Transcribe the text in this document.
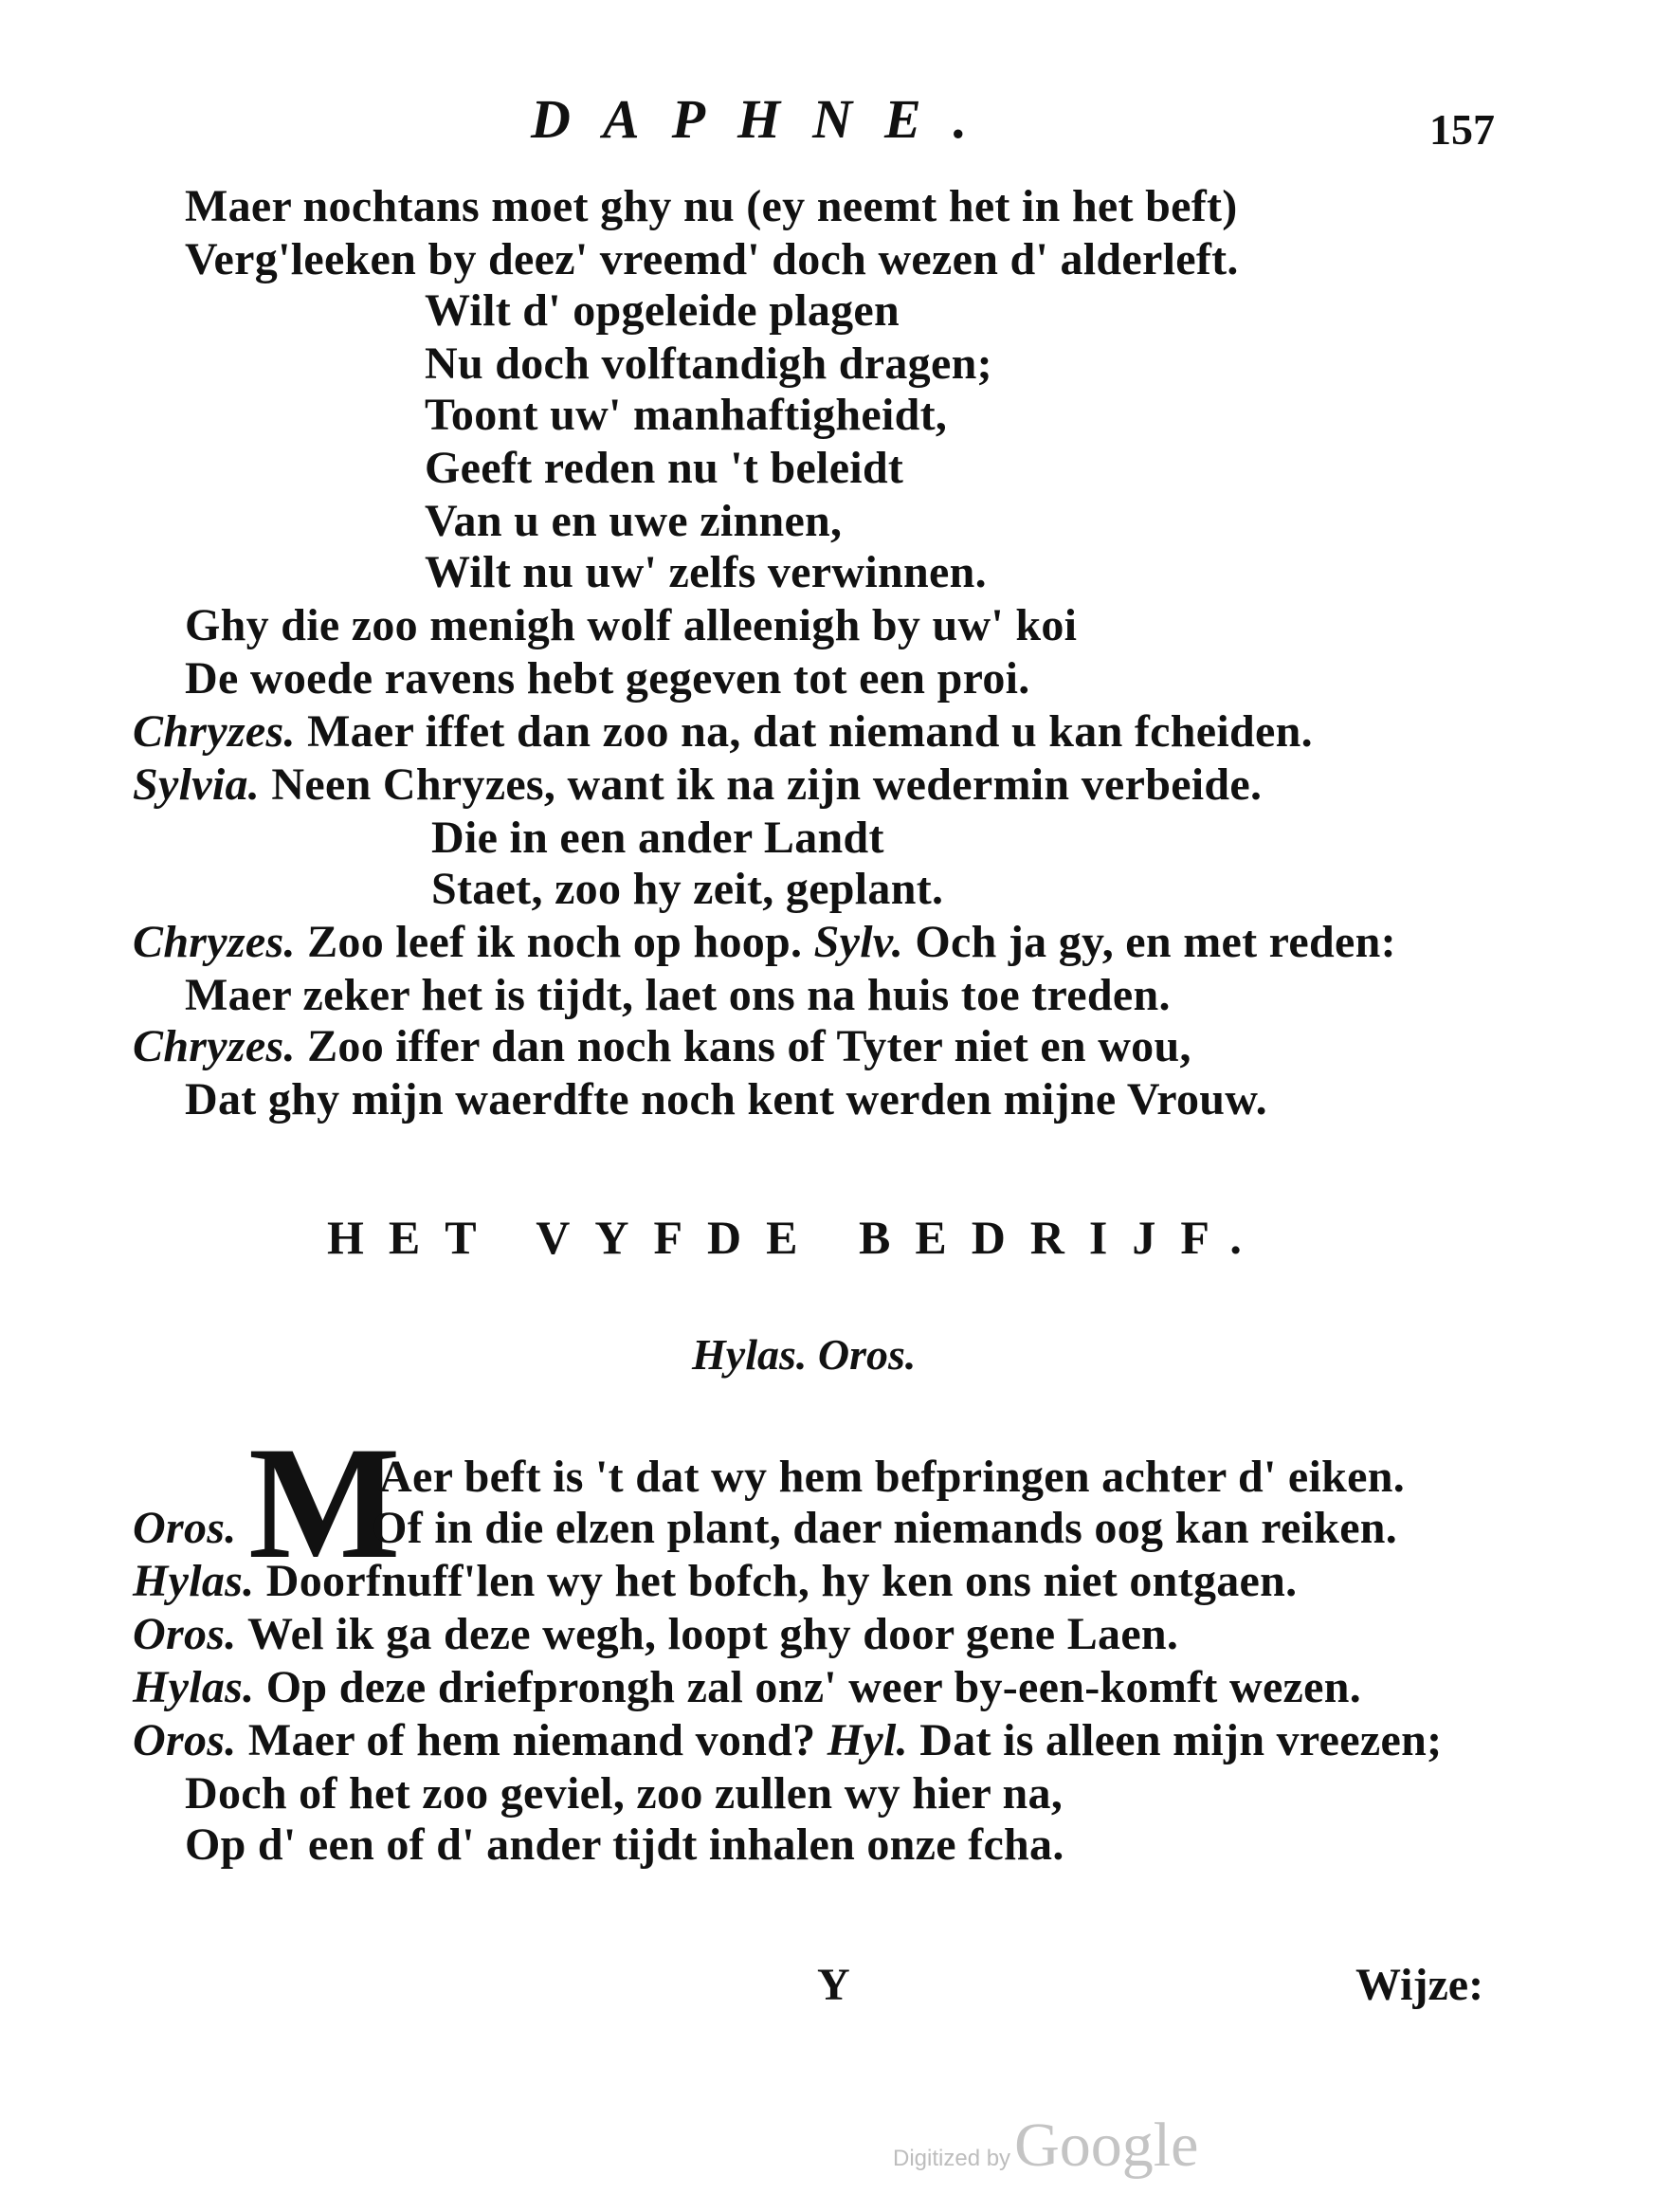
DAPHNE.	157
Maer nochtans moet ghy nu (ey neemt het in het beft)
Verg'leeken by deez' vreemd' doch wezen d' alderleft.
Wilt d' opgeleide plagen
Nu doch volftandigh dragen;
Toont uw' manhaftigheidt,
Geeft reden nu 't beleidt
Van u en uwe zinnen,
Wilt nu uw' zelfs verwinnen.
Ghy die zoo menigh wolf alleenigh by uw' koi
De woede ravens hebt gegeven tot een proi.
Chryzes. Maer iffet dan zoo na, dat niemand u kan fcheiden.
Sylvia. Neen Chryzes, want ik na zijn wedermin verbeide.
Die in een ander Landt
Staet, zoo hy zeit, geplant.
Chryzes. Zoo leef ik noch op hoop. Sylv. Och ja gy, en met reden:
Maer zeker het is tijdt, laet ons na huis toe treden.
Chryzes. Zoo iffer dan noch kans of Tyter niet en wou,
Dat ghy mijn waerdfte noch kent werden mijne Vrouw.
HET VYFDE BEDRIJF.
Hylas. Oros.
M
Aer beft is 't dat wy hem befpringen achter d' eiken.
Oros.	Of in die elzen plant, daer niemands oog kan reiken.
Hylas. Doorfnuff'len wy het bofch, hy ken ons niet ontgaen.
Oros. Wel ik ga deze wegh, loopt ghy door gene Laen.
Hylas. Op deze driefprongh zal onz' weer by-een-komft wezen.
Oros. Maer of hem niemand vond? Hyl. Dat is alleen mijn vreezen;
Doch of het zoo geviel, zoo zullen wy hier na,
Op d' een of d' ander tijdt inhalen onze fcha.
Y	Wijze:
Digitized by Google
